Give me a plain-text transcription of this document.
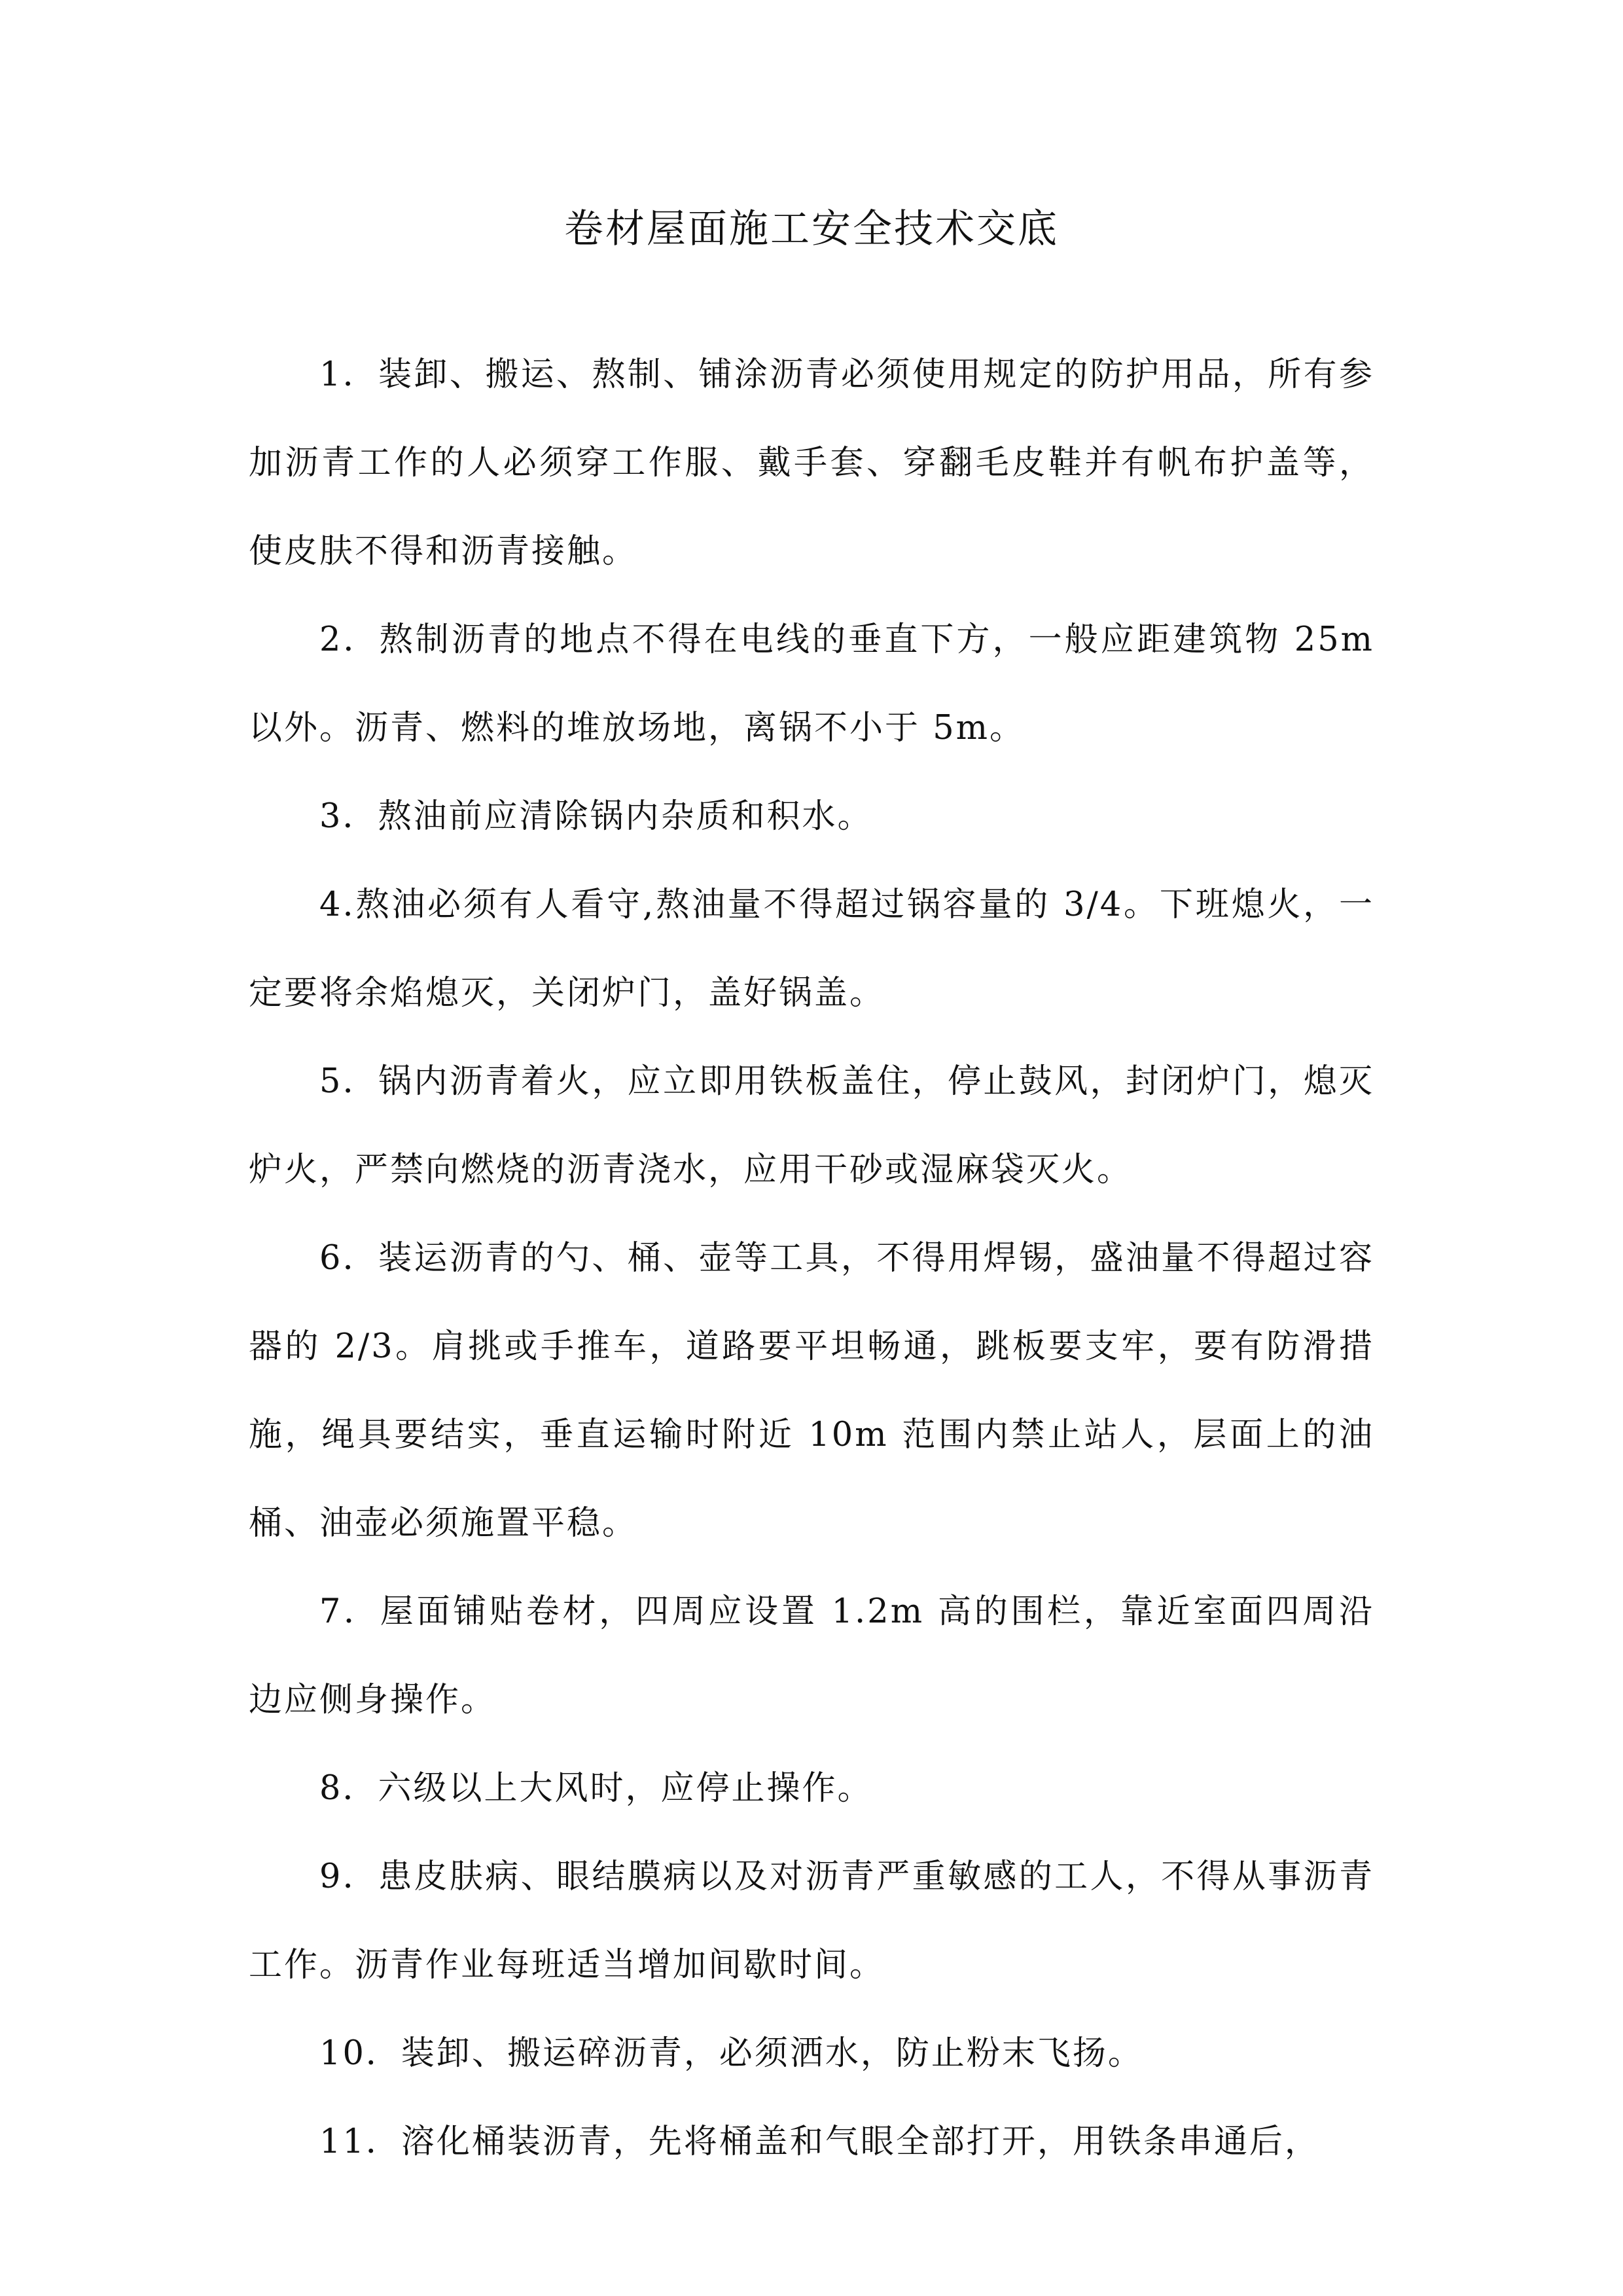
卷材屋面施工安全技术交底

1．装卸、搬运、熬制、铺涂沥青必须使用规定的防护用品，所有参加沥青工作的人必须穿工作服、戴手套、穿翻毛皮鞋并有帆布护盖等，使皮肤不得和沥青接触。

2．熬制沥青的地点不得在电线的垂直下方，一般应距建筑物 25m 以外。沥青、燃料的堆放场地，离锅不小于 5m。

3．熬油前应清除锅内杂质和积水。

4.熬油必须有人看守,熬油量不得超过锅容量的 3/4。下班熄火，一定要将余焰熄灭，关闭炉门，盖好锅盖。

5．锅内沥青着火，应立即用铁板盖住，停止鼓风，封闭炉门，熄灭炉火，严禁向燃烧的沥青浇水，应用干砂或湿麻袋灭火。

6．装运沥青的勺、桶、壶等工具，不得用焊锡，盛油量不得超过容器的 2/3。肩挑或手推车，道路要平坦畅通，跳板要支牢，要有防滑措施，绳具要结实，垂直运输时附近 10m 范围内禁止站人，层面上的油桶、油壶必须施置平稳。

7．屋面铺贴卷材，四周应设置 1.2m 高的围栏，靠近室面四周沿边应侧身操作。

8．六级以上大风时，应停止操作。

9．患皮肤病、眼结膜病以及对沥青严重敏感的工人，不得从事沥青工作。沥青作业每班适当增加间歇时间。

10．装卸、搬运碎沥青，必须洒水，防止粉末飞扬。

11．溶化桶装沥青，先将桶盖和气眼全部打开，用铁条串通后，
